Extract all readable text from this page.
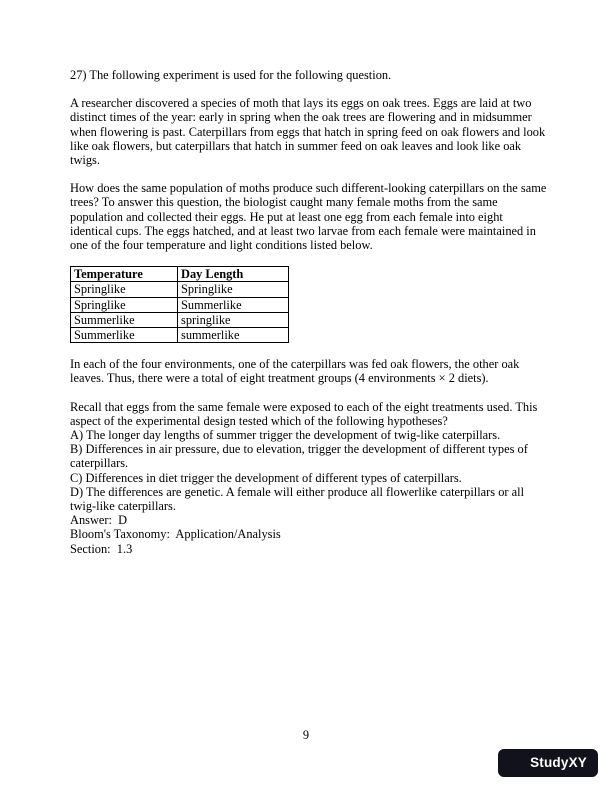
27) The following experiment is used for the following question.

A researcher discovered a species of moth that lays its eggs on oak trees. Eggs are laid at two distinct times of the year: early in spring when the oak trees are flowering and in midsummer when flowering is past. Caterpillars from eggs that hatch in spring feed on oak flowers and look like oak flowers, but caterpillars that hatch in summer feed on oak leaves and look like oak twigs.

How does the same population of moths produce such different-looking caterpillars on the same trees? To answer this question, the biologist caught many female moths from the same population and collected their eggs. He put at least one egg from each female into eight identical cups. The eggs hatched, and at least two larvae from each female were maintained in one of the four temperature and light conditions listed below.

Temperature	Day Length
Springlike	Springlike
Springlike	Summerlike
Summerlike	springlike
Summerlike	summerlike

In each of the four environments, one of the caterpillars was fed oak flowers, the other oak leaves. Thus, there were a total of eight treatment groups (4 environments × 2 diets).

Recall that eggs from the same female were exposed to each of the eight treatments used. This aspect of the experimental design tested which of the following hypotheses?
A) The longer day lengths of summer trigger the development of twig-like caterpillars.
B) Differences in air pressure, due to elevation, trigger the development of different types of caterpillars.
C) Differences in diet trigger the development of different types of caterpillars.
D) The differences are genetic. A female will either produce all flowerlike caterpillars or all twig-like caterpillars.
Answer:  D
Bloom's Taxonomy:  Application/Analysis
Section:  1.3
9
StudyXY
